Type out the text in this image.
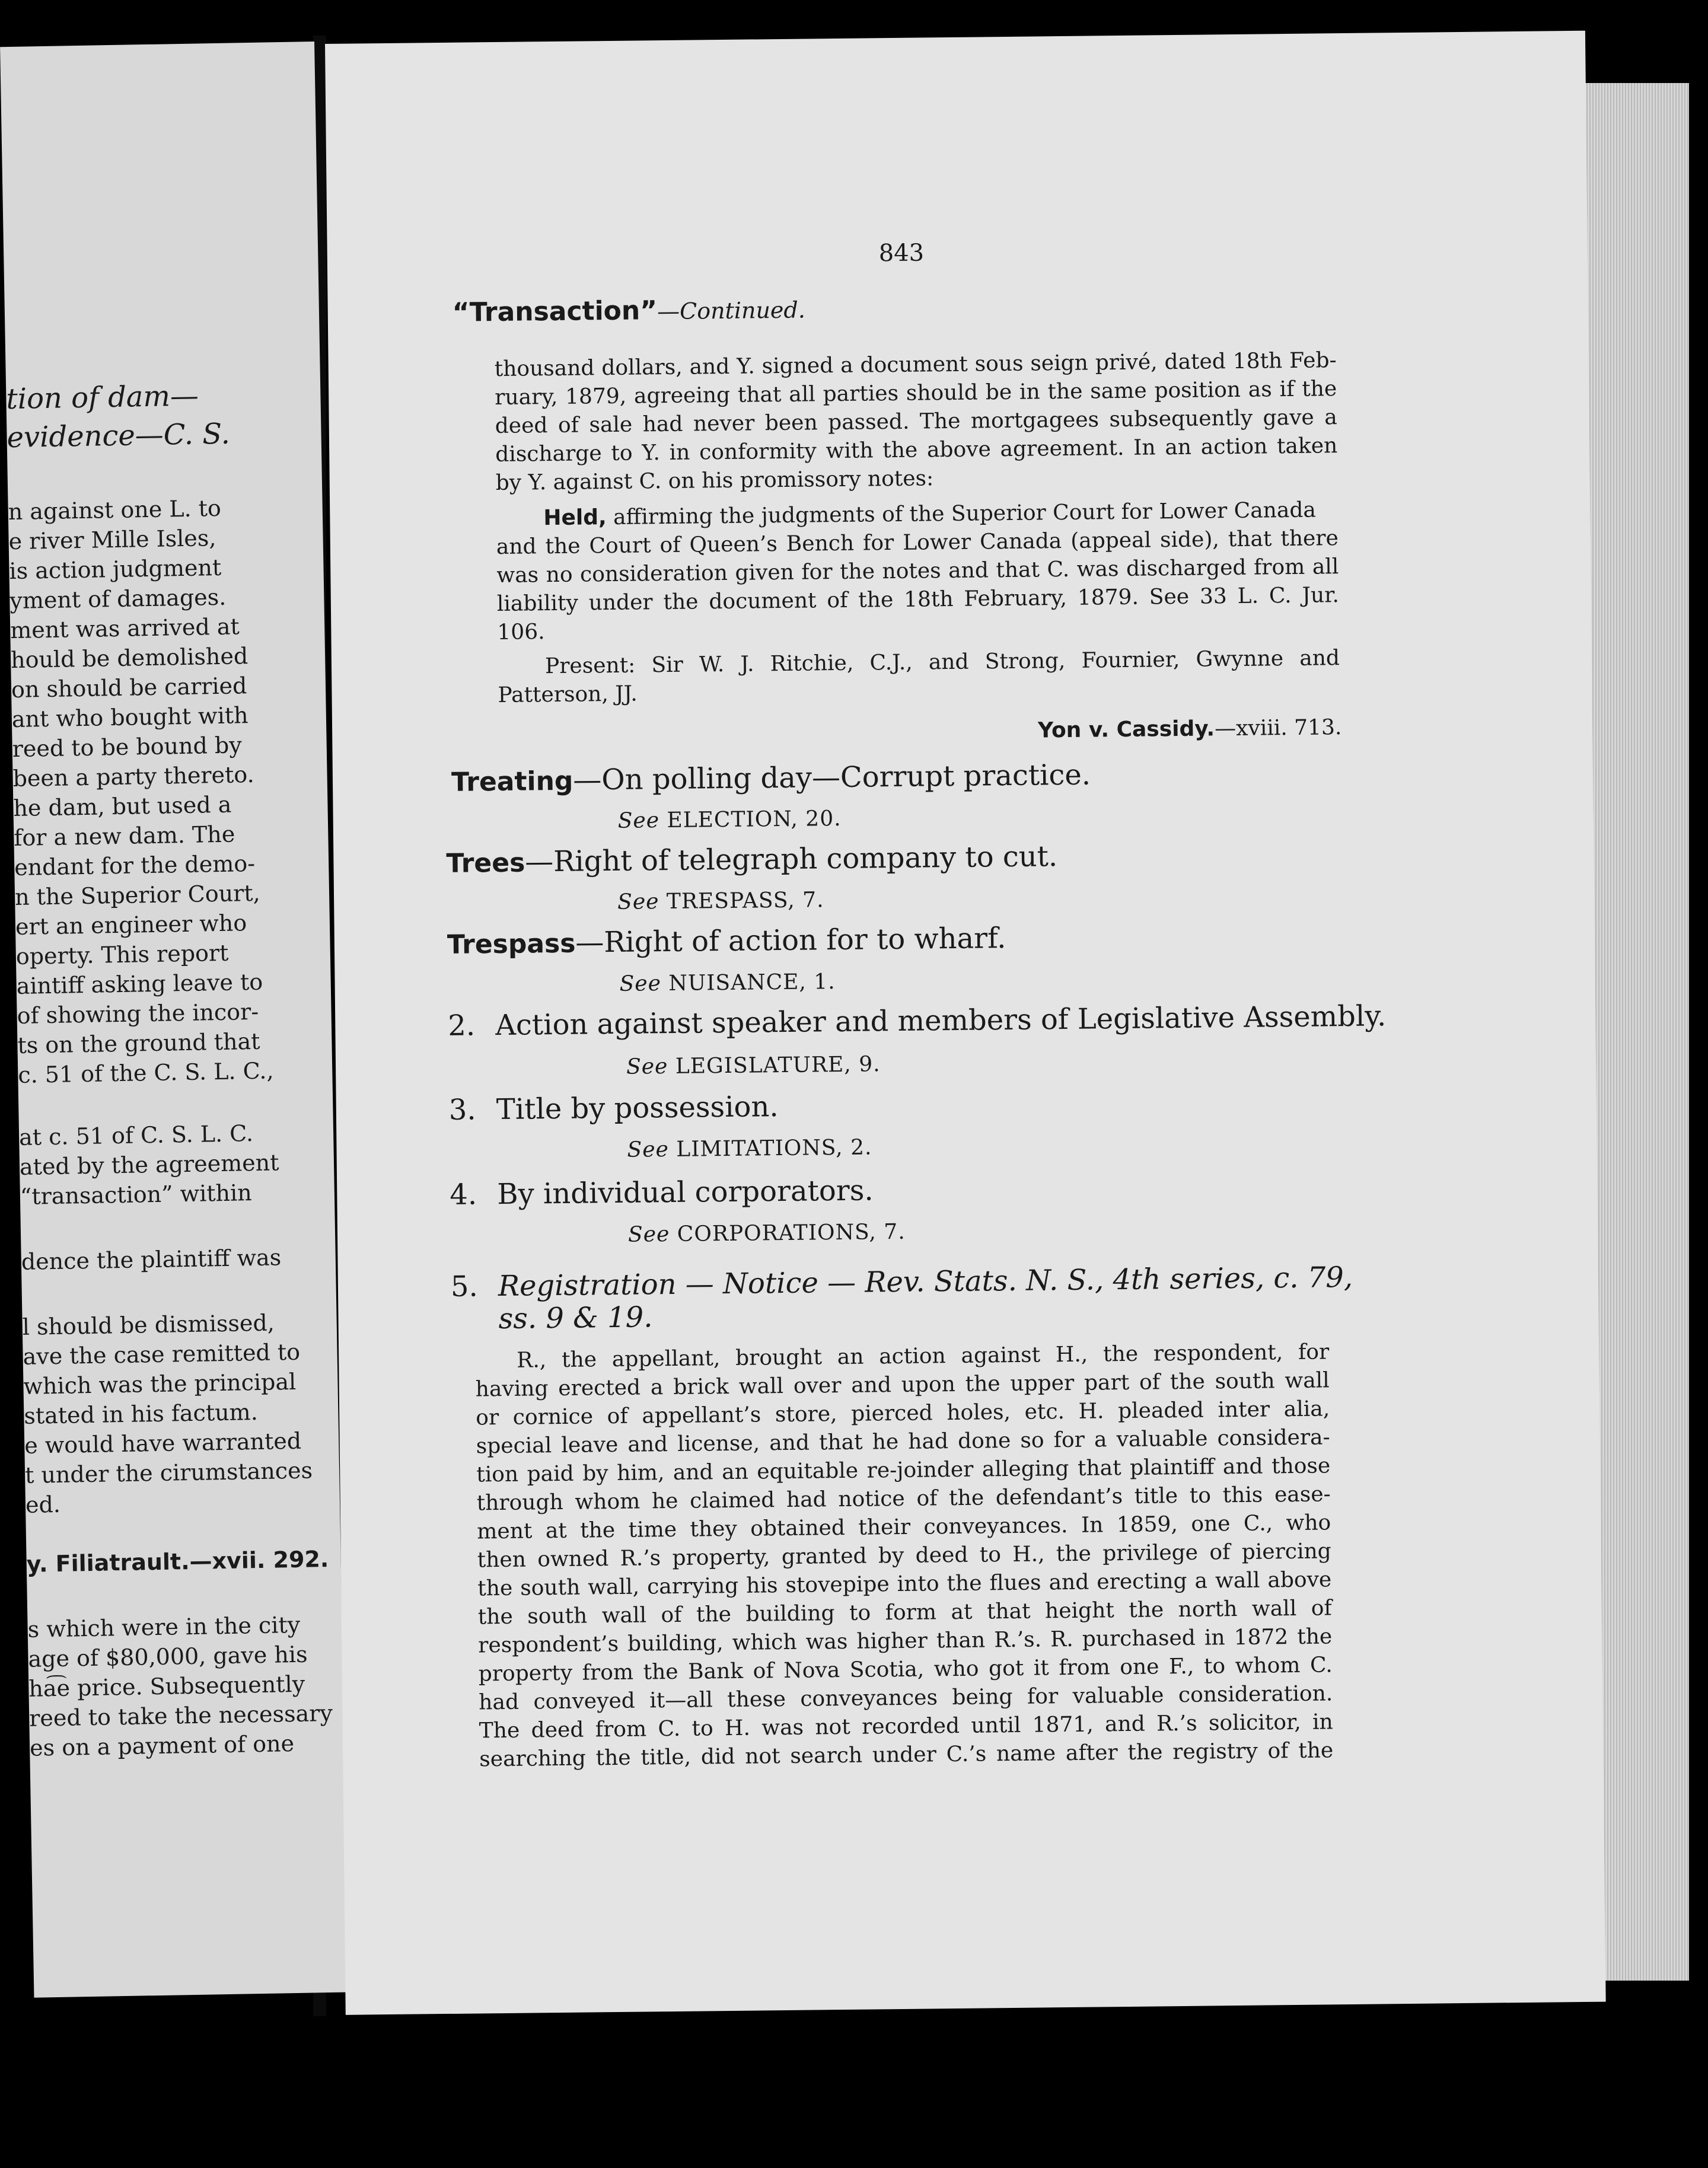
tion of dam—
evidence—C. S.
n against one L. to
e river Mille Isles,
is action judgment
yment of damages.
ment was arrived at
hould be demolished
on should be carried
ant who bought with
reed to be bound by
been a party thereto.
he dam, but used a
for a new dam. The
endant for the demo-
n the Superior Court,
ert an engineer who
operty. This report
aintiff asking leave to
of showing the incor-
ts on the ground that
c. 51 of the C. S. L. C.,
at c. 51 of C. S. L. C.
ated by the agreement
“transaction” within
dence the plaintiff was
l should be dismissed,
ave the case remitted to
which was the principal
stated in his factum.
e would have warranted
t under the cirumstances
ed.
y. Filiatrault.—xvii. 292.
s which were in the city
age of $80,000, gave his
ha͡e price. Subsequently
reed to take the necessary
es on a payment of one
843
“Transaction”—Continued.
thousand dollars, and Y. signed a document sous seign privé, dated 18th Feb-
ruary, 1879, agreeing that all parties should be in the same position as if the
deed of sale had never been passed. The mortgagees subsequently gave a
discharge to Y. in conformity with the above agreement. In an action taken
by Y. against C. on his promissory notes:
Held, affirming the judgments of the Superior Court for Lower Canada
and the Court of Queen’s Bench for Lower Canada (appeal side), that there
was no consideration given for the notes and that C. was discharged from all
liability under the document of the 18th February, 1879. See 33 L. C. Jur. 106.
Present: Sir W. J. Ritchie, C.J., and Strong, Fournier, Gwynne and
Patterson, JJ.
Yon v. Cassidy.—xviii. 713.
Treating—On polling day—Corrupt practice.
See ELECTION, 20.
Trees—Right of telegraph company to cut.
See TRESPASS, 7.
Trespass—Right of action for to wharf.
See NUISANCE, 1.
2. Action against speaker and members of Legislative Assembly.
See LEGISLATURE, 9.
3. Title by possession.
See LIMITATIONS, 2.
4. By individual corporators.
See CORPORATIONS, 7.
5. Registration — Notice — Rev. Stats. N. S., 4th series, c. 79,
ss. 9 & 19.
R., the appellant, brought an action against H., the respondent, for
having erected a brick wall over and upon the upper part of the south wall
or cornice of appellant’s store, pierced holes, etc. H. pleaded inter alia,
special leave and license, and that he had done so for a valuable considera-
tion paid by him, and an equitable re-joinder alleging that plaintiff and those
through whom he claimed had notice of the defendant’s title to this ease-
ment at the time they obtained their conveyances. In 1859, one C., who
then owned R.’s property, granted by deed to H., the privilege of piercing
the south wall, carrying his stovepipe into the flues and erecting a wall above
the south wall of the building to form at that height the north wall of
respondent’s building, which was higher than R.’s. R. purchased in 1872 the
property from the Bank of Nova Scotia, who got it from one F., to whom C.
had conveyed it—all these conveyances being for valuable consideration.
The deed from C. to H. was not recorded until 1871, and R.’s solicitor, in
searching the title, did not search under C.’s name after the registry of the
